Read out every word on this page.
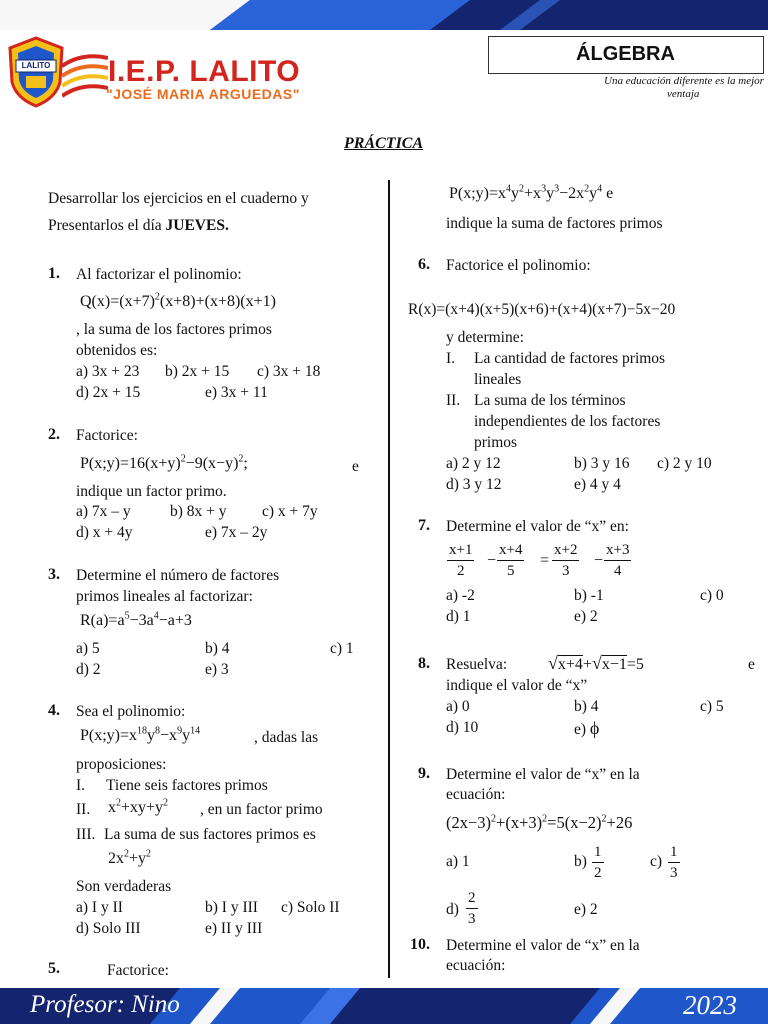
LALITO I.E.P. LALITO
"JOSÉ MARIA ARGUEDAS"
ÁLGEBRA
Una educación diferente es la mejor
ventaja
PRÁCTICA
Desarrollar los ejercicios en el cuaderno y
Presentarlos el día JUEVES.
1. Al factorizar el polinomio:
$Q(x)=(x+7)^2(x+8)+(x+8)(x+1)$
, la suma de los factores primos
obtenidos es:
a) 3x + 23 b) 2x + 15 c) 3x + 18
d) 2x + 15	e) 3x + 11
2. Factorice:
$P(x;y)=16(x+y)^2-9(x-y)^2$;	e
indique un factor primo.
a) 7x – y	b) 8x + y c) x + 7y
d) x + 4y	e) 7x – 2y
3. Determine el número de factores
primos lineales al factorizar:
$R(a)=a^5-3a^4-a+3$
a) 5	b) 4	c) 1
d) 2	e) 3
4. Sea el polinomio:
$P(x;y)=x^{18}y^8-x^9y^{14}$	, dadas las
proposiciones:
I. Tiene seis factores primos
II. $x^2+xy+y^2$ , en un factor primo
III. La suma de sus factores primos es
$2x^2+y^2$
Son verdaderas
a) I y II	b) I y III c) Solo II
d) Solo III	e) II y III
5.	Factorice:
$P(x;y)=x^4y^2+x^3y^3-2x^2y^4$ e
indique la suma de factores primos
6. Factorice el polinomio:
R(x)=(x+4)(x+5)(x+6)+(x+4)(x+7)−5x−20
y determine:
I. La cantidad de factores primos
lineales
II. La suma de los términos
independientes de los factores
primos
a) 2 y 12	b) 3 y 16 c) 2 y 10
d) 3 y 12	e) 4 y 4
7. Determine el valor de “x” en:
$\frac{x+1}{2} - \frac{x+4}{5} = \frac{x+2}{3} - \frac{x+3}{4}$
a) -2	b) -1	c) 0
d) 1	e) 2
8. Resuelva: √x+4+√x−1=5	e
indique el valor de “x”
a) 0	b) 4	c) 5
d) 10	e) ϕ
9. Determine el valor de “x” en la
ecuación:
$(2x-3)^2+(x+3)^2=5(x-2)^2+26$
a) 1	$b) \frac{1}{2}$	$c) \frac{1}{3}$
$d) \frac{2}{3}$	e) 2
10. Determine el valor de “x” en la
ecuación:
Profesor: Nino	2023
